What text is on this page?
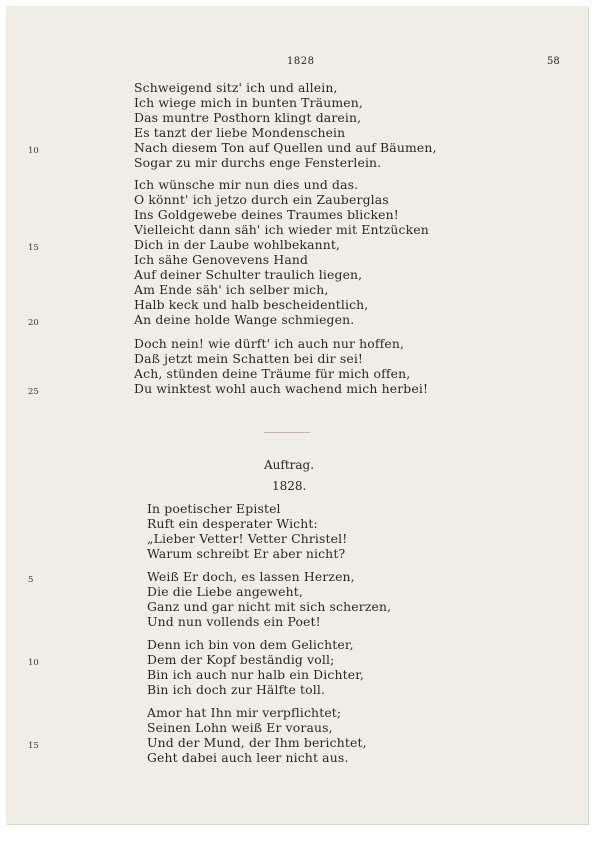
1828	58
Schweigend sitz' ich und allein,
Ich wiege mich in bunten Träumen,
Das muntre Posthorn klingt darein,
Es tanzt der liebe Mondenschein
Nach diesem Ton auf Quellen und auf Bäumen,
Sogar zu mir durchs enge Fensterlein.
Ich wünsche mir nun dies und das.
O könnt' ich jetzo durch ein Zauberglas
Ins Goldgewebe deines Traumes blicken!
Vielleicht dann säh' ich wieder mit Entzücken
Dich in der Laube wohlbekannt,
Ich sähe Genovevens Hand
Auf deiner Schulter traulich liegen,
Am Ende säh' ich selber mich,
Halb keck und halb bescheidentlich,
An deine holde Wange schmiegen.
Doch nein! wie dürft' ich auch nur hoffen,
Daß jetzt mein Schatten bei dir sei!
Ach, stünden deine Träume für mich offen,
Du winktest wohl auch wachend mich herbei!
10
15
20
25
Auftrag.
1828.
In poetischer Epistel
Ruft ein desperater Wicht:
„Lieber Vetter! Vetter Christel!
Warum schreibt Er aber nicht?
Weiß Er doch, es lassen Herzen,
Die die Liebe angeweht,
Ganz und gar nicht mit sich scherzen,
Und nun vollends ein Poet!
Denn ich bin von dem Gelichter,
Dem der Kopf beständig voll;
Bin ich auch nur halb ein Dichter,
Bin ich doch zur Hälfte toll.
Amor hat Ihn mir verpflichtet;
Seinen Lohn weiß Er voraus,
Und der Mund, der Ihm berichtet,
Geht dabei auch leer nicht aus.
5
10
15
